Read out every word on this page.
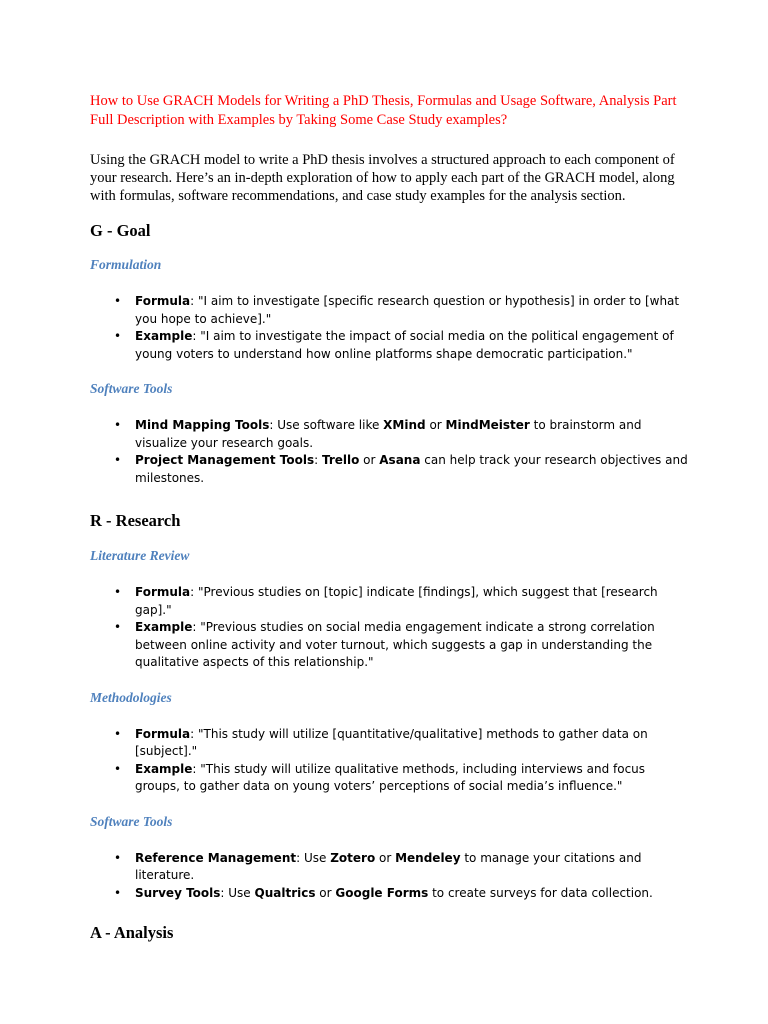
How to Use GRACH Models for Writing a PhD Thesis, Formulas and Usage Software, Analysis Part Full Description with Examples by Taking Some Case Study examples?

Using the GRACH model to write a PhD thesis involves a structured approach to each component of your research. Here’s an in-depth exploration of how to apply each part of the GRACH model, along with formulas, software recommendations, and case study examples for the analysis section.

G - Goal
Formulation
• Formula: "I aim to investigate [specific research question or hypothesis] in order to [what you hope to achieve]."
• Example: "I aim to investigate the impact of social media on the political engagement of young voters to understand how online platforms shape democratic participation."
Software Tools
• Mind Mapping Tools: Use software like XMind or MindMeister to brainstorm and visualize your research goals.
• Project Management Tools: Trello or Asana can help track your research objectives and milestones.
R - Research
Literature Review
• Formula: "Previous studies on [topic] indicate [findings], which suggest that [research gap]."
• Example: "Previous studies on social media engagement indicate a strong correlation between online activity and voter turnout, which suggests a gap in understanding the qualitative aspects of this relationship."
Methodologies
• Formula: "This study will utilize [quantitative/qualitative] methods to gather data on [subject]."
• Example: "This study will utilize qualitative methods, including interviews and focus groups, to gather data on young voters’ perceptions of social media’s influence."
Software Tools
• Reference Management: Use Zotero or Mendeley to manage your citations and literature.
• Survey Tools: Use Qualtrics or Google Forms to create surveys for data collection.
A - Analysis
